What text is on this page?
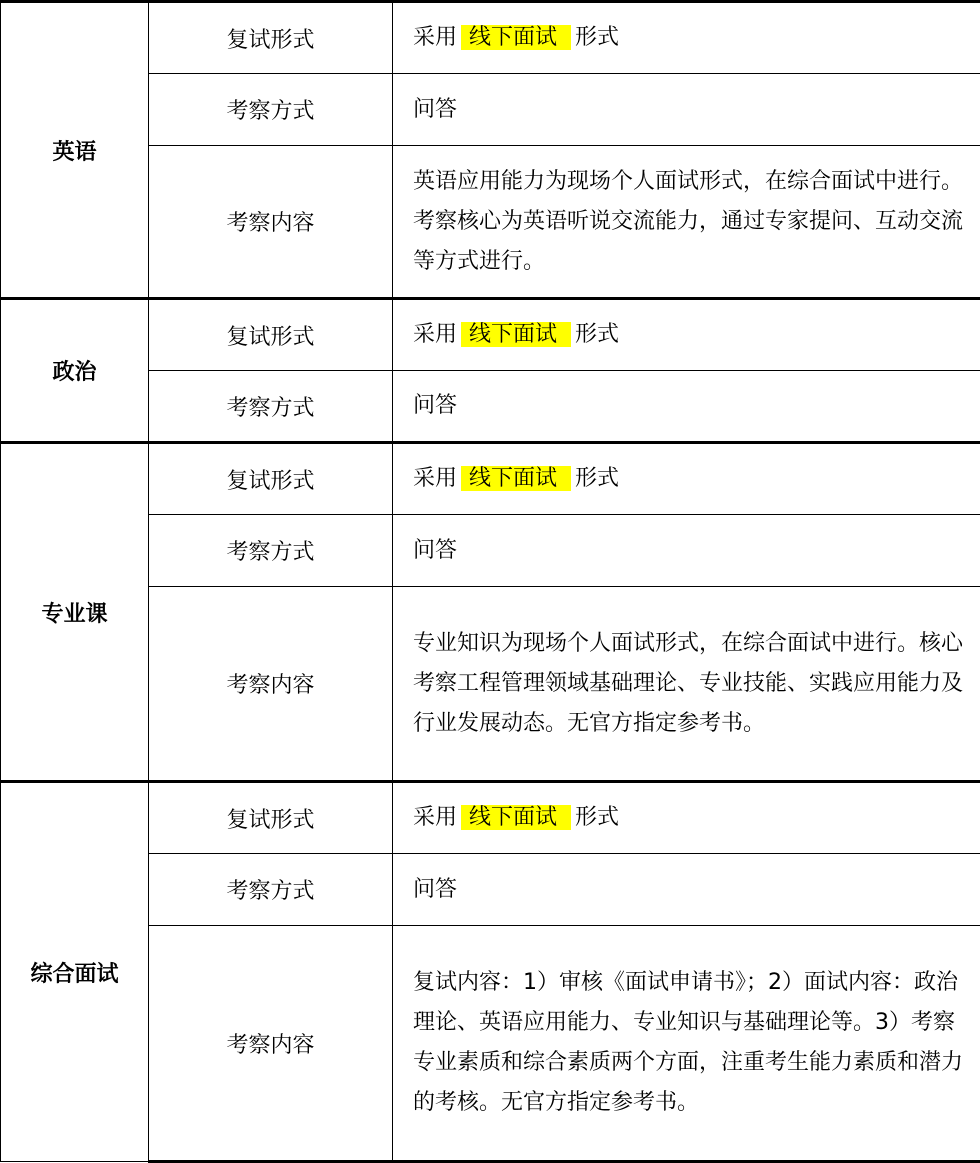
英语	复试形式	采用 线下面试 形式
	考察方式	问答
	考察内容	英语应用能力为现场个人面试形式，在综合面试中进行。考察核心为英语听说交流能力，通过专家提问、互动交流等方式进行。
政治	复试形式	采用 线下面试 形式
	考察方式	问答
专业课	复试形式	采用 线下面试 形式
	考察方式	问答
	考察内容	专业知识为现场个人面试形式，在综合面试中进行。核心考察工程管理领域基础理论、专业技能、实践应用能力及行业发展动态。无官方指定参考书。
综合面试	复试形式	采用 线下面试 形式
	考察方式	问答
	考察内容	复试内容：1）审核《面试申请书》；2）面试内容：政治理论、英语应用能力、专业知识与基础理论等。3）考察专业素质和综合素质两个方面，注重考生能力素质和潜力的考核。无官方指定参考书。
